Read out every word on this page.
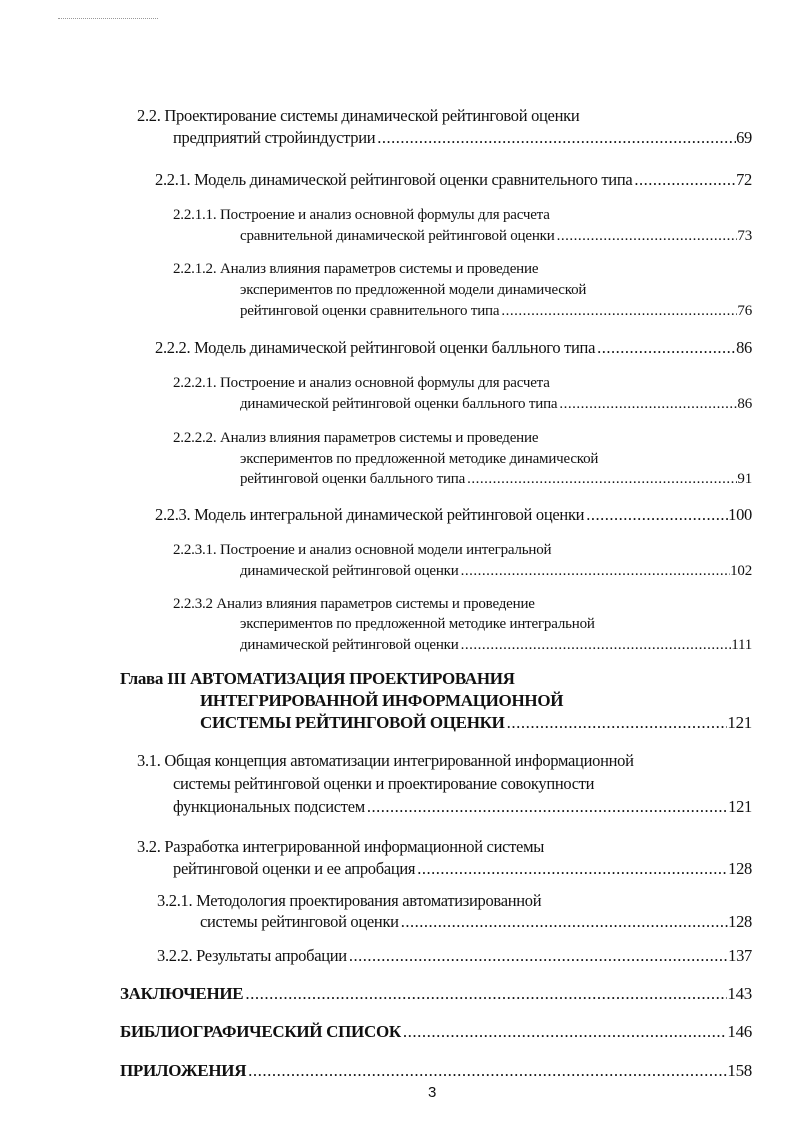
2.2. Проектирование системы динамической рейтинговой оценки
предприятий стройиндустрии .....	69
2.2.1. Модель динамической рейтинговой оценки сравнительного типа .....	72
2.2.1.1. Построение и анализ основной формулы для расчета
сравнительной динамической рейтинговой оценки .....	73
2.2.1.2. Анализ влияния параметров системы и проведение
экспериментов по предложенной модели динамической
рейтинговой оценки сравнительного типа .....	76
2.2.2. Модель динамической рейтинговой оценки балльного типа .....	86
2.2.2.1. Построение и анализ основной формулы для расчета
динамической рейтинговой оценки балльного типа .....	86
2.2.2.2. Анализ влияния параметров системы и проведение
экспериментов по предложенной методике динамической
рейтинговой оценки балльного типа .....	91
2.2.3. Модель интегральной динамической рейтинговой оценки .....	100
2.2.3.1. Построение и анализ основной модели интегральной
динамической рейтинговой оценки .....	102
2.2.3.2 Анализ влияния параметров системы и проведение
экспериментов по предложенной методике интегральной
динамической рейтинговой оценки .....	111
Глава III АВТОМАТИЗАЦИЯ ПРОЕКТИРОВАНИЯ
ИНТЕГРИРОВАННОЙ ИНФОРМАЦИОННОЙ
СИСТЕМЫ РЕЙТИНГОВОЙ ОЦЕНКИ .....	121
3.1. Общая концепция автоматизации интегрированной информационной
системы рейтинговой оценки и проектирование совокупности
функциональных подсистем .....	121
3.2. Разработка интегрированной информационной системы
рейтинговой оценки и ее апробация .....	128
3.2.1. Методология проектирования автоматизированной
системы рейтинговой оценки .....	128
3.2.2. Результаты апробации .....	137
ЗАКЛЮЧЕНИЕ .....	143
БИБЛИОГРАФИЧЕСКИЙ СПИСОК .....	146
ПРИЛОЖЕНИЯ .....	158
3
